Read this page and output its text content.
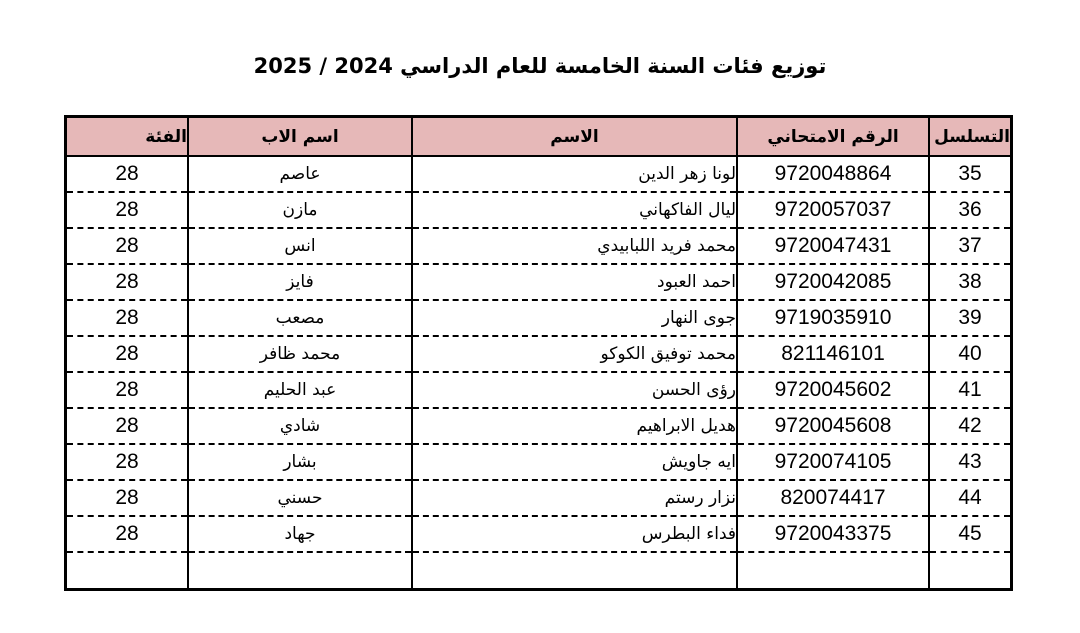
توزيع فئات السنة الخامسة للعام الدراسي 2024 / 2025
التسلسل	الرقم الامتحاني	الاسم	اسم الاب	الفئة
35	9720048864	لونا زهر الدين	عاصم	28
36	9720057037	ليال الفاكهاني	مازن	28
37	9720047431	محمد فريد اللبابيدي	انس	28
38	9720042085	احمد العبود	فايز	28
39	9719035910	جوى النهار	مصعب	28
40	821146101	محمد توفيق الكوكو	محمد ظافر	28
41	9720045602	رؤى الحسن	عبد الحليم	28
42	9720045608	هديل الابراهيم	شادي	28
43	9720074105	ايه جاويش	بشار	28
44	820074417	نزار رستم	حسني	28
45	9720043375	فداء البطرس	جهاد	28
